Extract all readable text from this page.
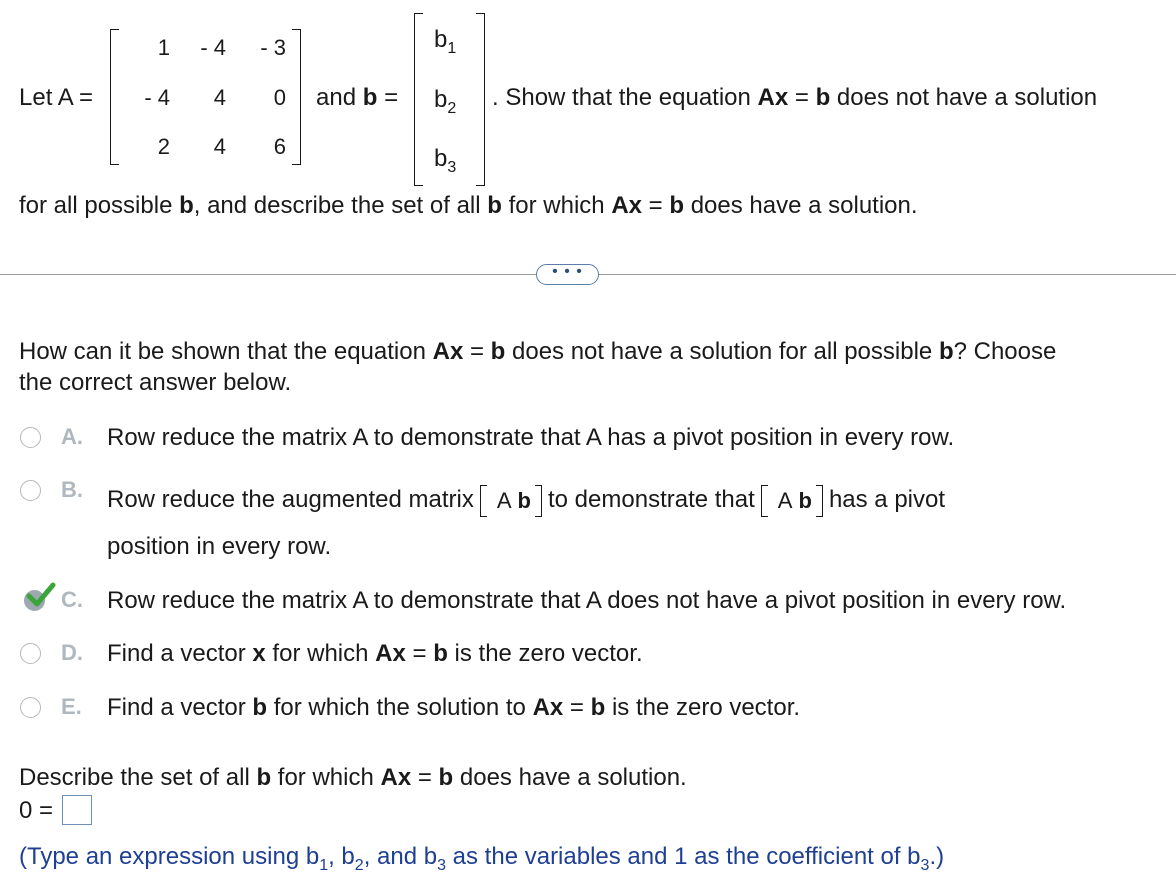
Let A =
1	- 4	- 3
- 4	4	0
2	4	6
and b =
$b_1$
$b_2$
$b_3$
. Show that the equation Ax = b does not have a solution
for all possible b, and describe the set of all b for which Ax = b does have a solution.
• • •
How can it be shown that the equation Ax = b does not have a solution for all possible b? Choose
the correct answer below.
A. Row reduce the matrix A to demonstrate that A has a pivot position in every row.
B. Row reduce the augmented matrix A b to demonstrate that A b has a pivot
position in every row.
C. Row reduce the matrix A to demonstrate that A does not have a pivot position in every row.
D. Find a vector x for which Ax = b is the zero vector.
E. Find a vector b for which the solution to Ax = b is the zero vector.
Describe the set of all b for which Ax = b does have a solution.
0 =
(Type an expression using $b_1$, $b_2$, and $b_3$ as the variables and 1 as the coefficient of $b_3$.)
